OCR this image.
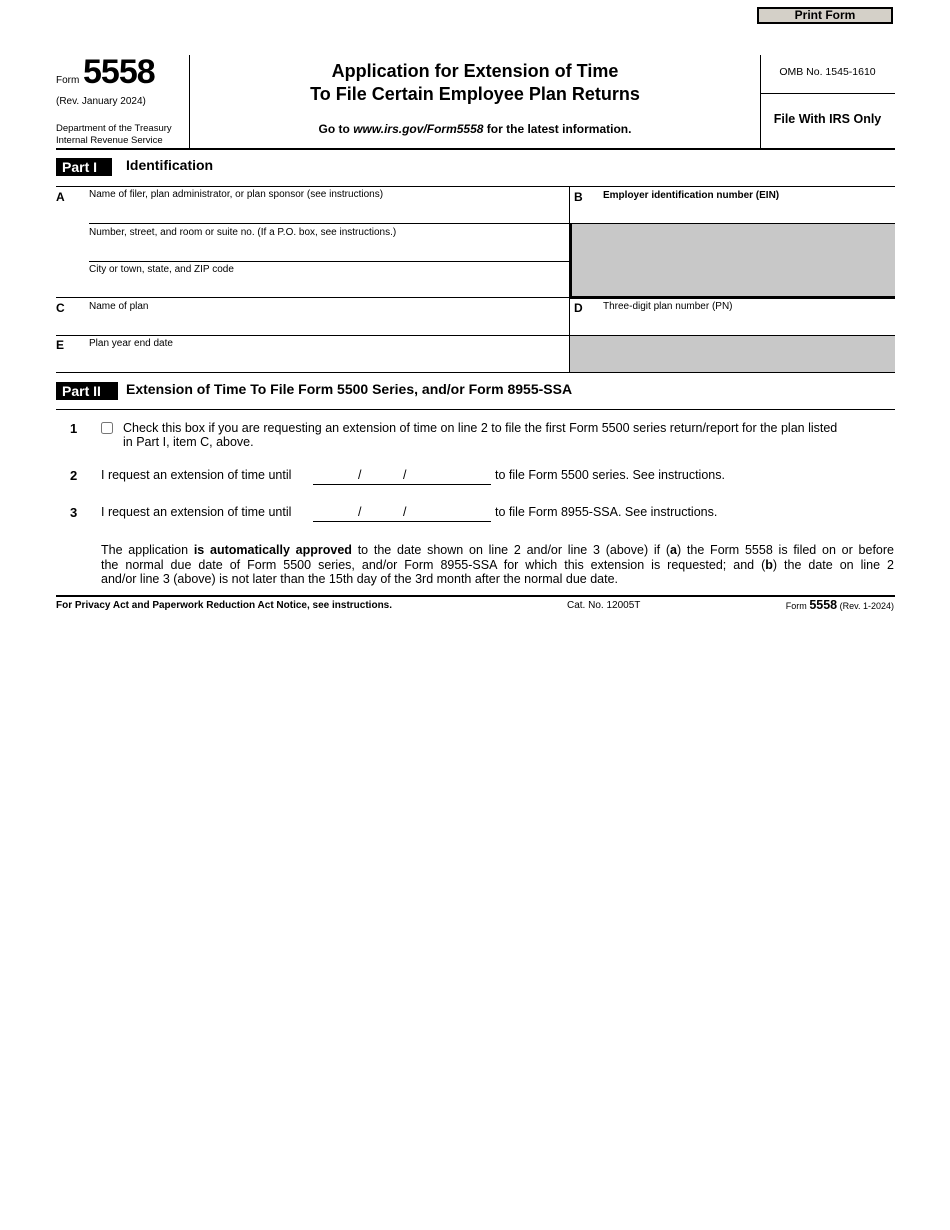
Print Form
Form 5558
(Rev. January 2024)
Department of the Treasury
Internal Revenue Service
Application for Extension of Time
To File Certain Employee Plan Returns
Go to www.irs.gov/Form5558 for the latest information.
OMB No. 1545-1610
File With IRS Only
Part I	Identification
A Name of filer, plan administrator, or plan sponsor (see instructions)
Number, street, and room or suite no. (If a P.O. box, see instructions.)
City or town, state, and ZIP code
B Employer identification number (EIN)
C Name of plan	D Three-digit plan number (PN)
E Plan year end date
Part II	Extension of Time To File Form 5500 Series, and/or Form 8955-SSA
1	Check this box if you are requesting an extension of time on line 2 to file the first Form 5500 series return/report for the plan listed
in Part I, item C, above.
2 I request an extension of time until	/	/	to file Form 5500 series. See instructions.
3 I request an extension of time until	/	/	to file Form 8955-SSA. See instructions.
The application is automatically approved to the date shown on line 2 and/or line 3 (above) if (a) the Form 5558 is filed on or before
the normal due date of Form 5500 series, and/or Form 8955-SSA for which this extension is requested; and (b) the date on line 2
and/or line 3 (above) is not later than the 15th day of the 3rd month after the normal due date.
For Privacy Act and Paperwork Reduction Act Notice, see instructions.	Cat. No. 12005T	Form 5558 (Rev. 1-2024)
